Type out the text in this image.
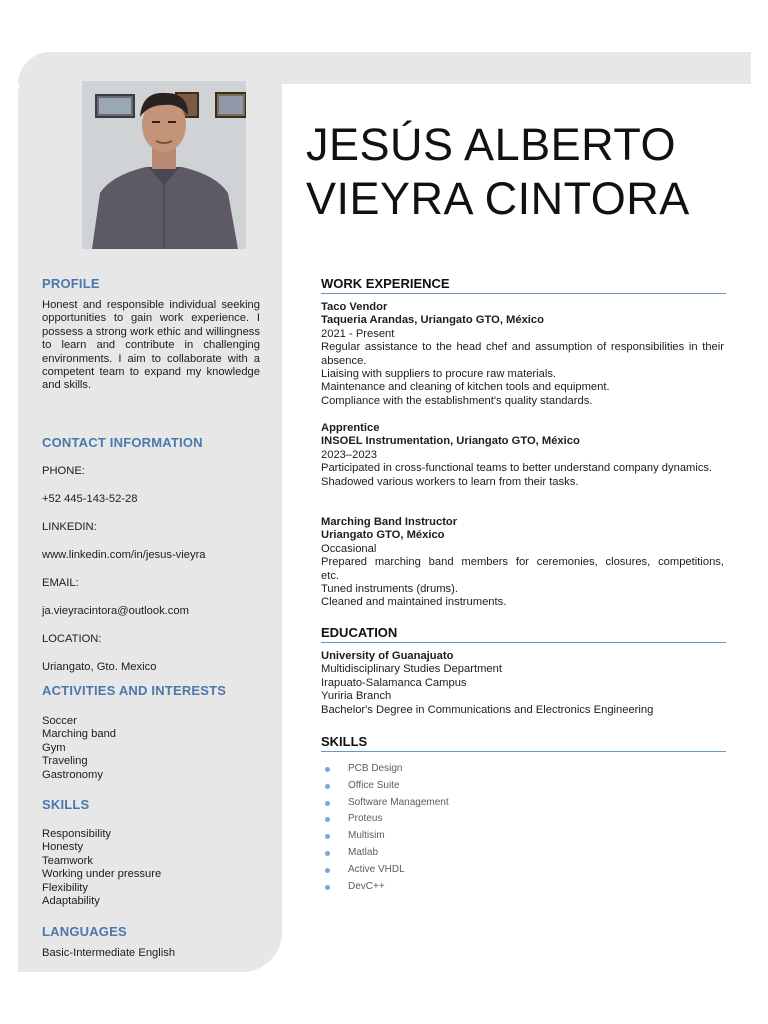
JESÚS ALBERTO
VIEYRA CINTORA
PROFILE
Honest and responsible individual seeking opportunities to gain work experience. I possess a strong work ethic and willingness to learn and contribute in challenging environments. I aim to collaborate with a competent team to expand my knowledge and skills.
CONTACT INFORMATION
PHONE:
+52 445-143-52-28
LINKEDIN:
www.linkedin.com/in/jesus-vieyra
EMAIL:
ja.vieyracintora@outlook.com
LOCATION:
Uriangato, Gto. Mexico
ACTIVITIES AND INTERESTS
Soccer
Marching band
Gym
Traveling
Gastronomy
SKILLS
Responsibility
Honesty
Teamwork
Working under pressure
Flexibility
Adaptability
LANGUAGES
Basic-Intermediate English
WORK EXPERIENCE
Taco Vendor
Taqueria Arandas, Uriangato GTO, México
2021 - Present
Regular assistance to the head chef and assumption of responsibilities in their absence.
Liaising with suppliers to procure raw materials.
Maintenance and cleaning of kitchen tools and equipment.
Compliance with the establishment's quality standards.
Apprentice
INSOEL Instrumentation, Uriangato GTO, México
2023–2023
Participated in cross-functional teams to better understand company dynamics.
Shadowed various workers to learn from their tasks.
Marching Band Instructor
Uriangato GTO, México
Occasional
Prepared marching band members for ceremonies, closures, competitions, etc.
Tuned instruments (drums).
Cleaned and maintained instruments.
EDUCATION
University of Guanajuato
Multidisciplinary Studies Department
Irapuato-Salamanca Campus
Yuriria Branch
Bachelor's Degree in Communications and Electronics Engineering
SKILLS
PCB Design
Office Suite
Software Management
Proteus
Multisim
Matlab
Active VHDL
DevC++
